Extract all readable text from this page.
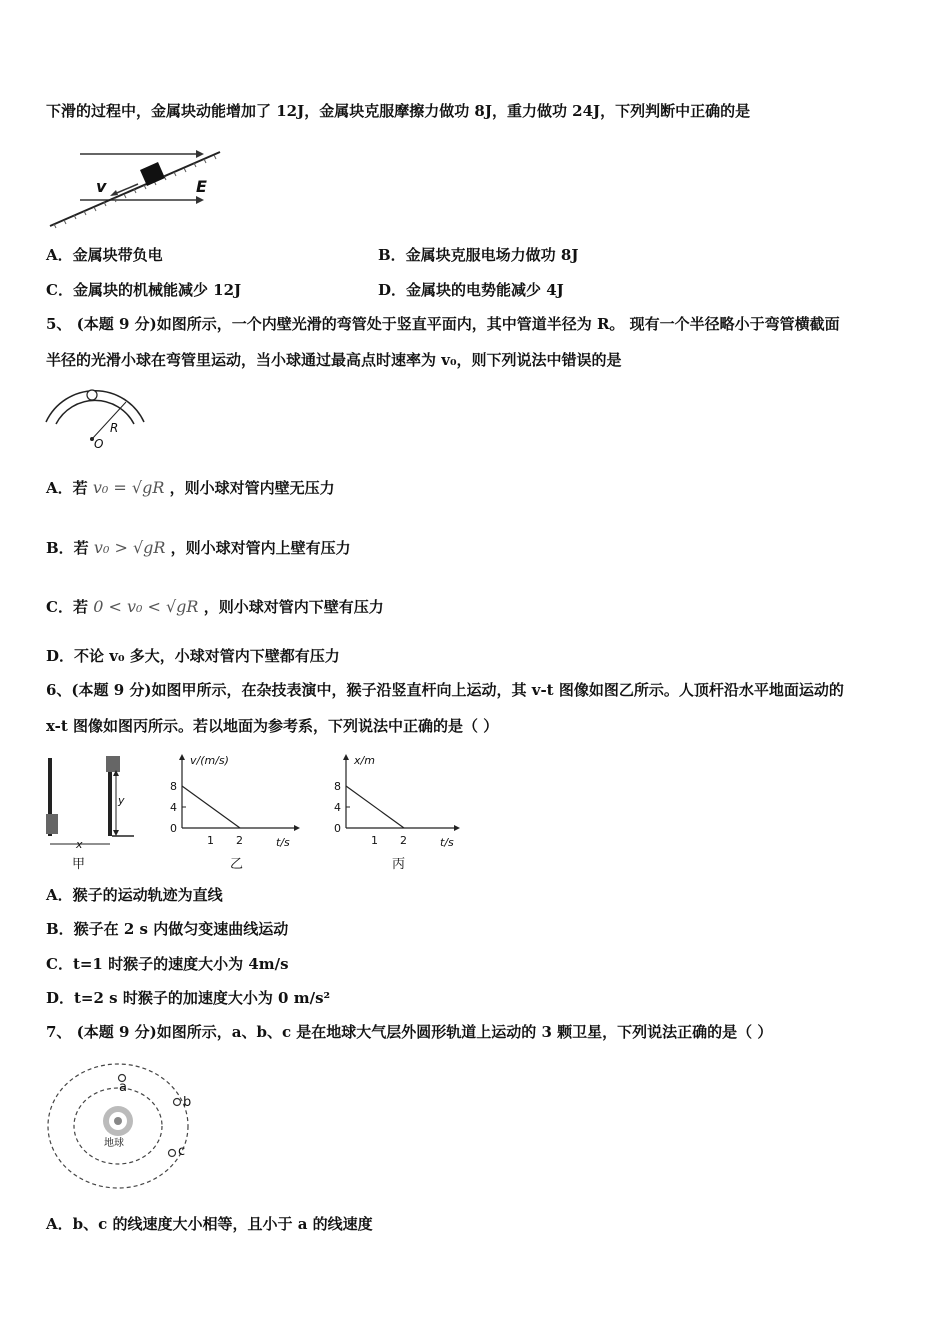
下滑的过程中，金属块动能增加了 12J，金属块克服摩擦力做功 8J，重力做功 24J，下列判断中正确的是
v	E
A．金属块带负电	B．金属块克服电场力做功 8J
C．金属块的机械能减少 12J	D．金属块的电势能减少 4J
5、 (本题 9 分)如图所示，一个内壁光滑的弯管处于竖直平面内，其中管道半径为 R。 现有一个半径略小于弯管横截面
半径的光滑小球在弯管里运动，当小球通过最高点时速率为 v₀，则下列说法中错误的是
R
O
A．若 v₀ = √gR ，则小球对管内壁无压力
B．若 v₀ > √gR ，则小球对管内上壁有压力
C．若 0 < v₀ < √gR ，则小球对管内下壁有压力
D．不论 v₀ 多大，小球对管内下壁都有压力
6、(本题 9 分)如图甲所示，在杂技表演中，猴子沿竖直杆向上运动，其 v-t 图像如图乙所示。人顶杆沿水平地面运动的
x-t 图像如图丙所示。若以地面为参考系，下列说法中正确的是（ ）
y
x
甲
v/(m/s)
8
4
0
1 2	t/s
乙
x/m
8
4
0
1 2	t/s
丙
A．猴子的运动轨迹为直线
B．猴子在 2 s 内做匀变速曲线运动
C．t=1 时猴子的速度大小为 4m/s
D．t=2 s 时猴子的加速度大小为 0 m/s²
7、 (本题 9 分)如图所示，a、b、c 是在地球大气层外圆形轨道上运动的 3 颗卫星，下列说法正确的是（ ）
地球
a
b
c
A．b、c 的线速度大小相等，且小于 a 的线速度
